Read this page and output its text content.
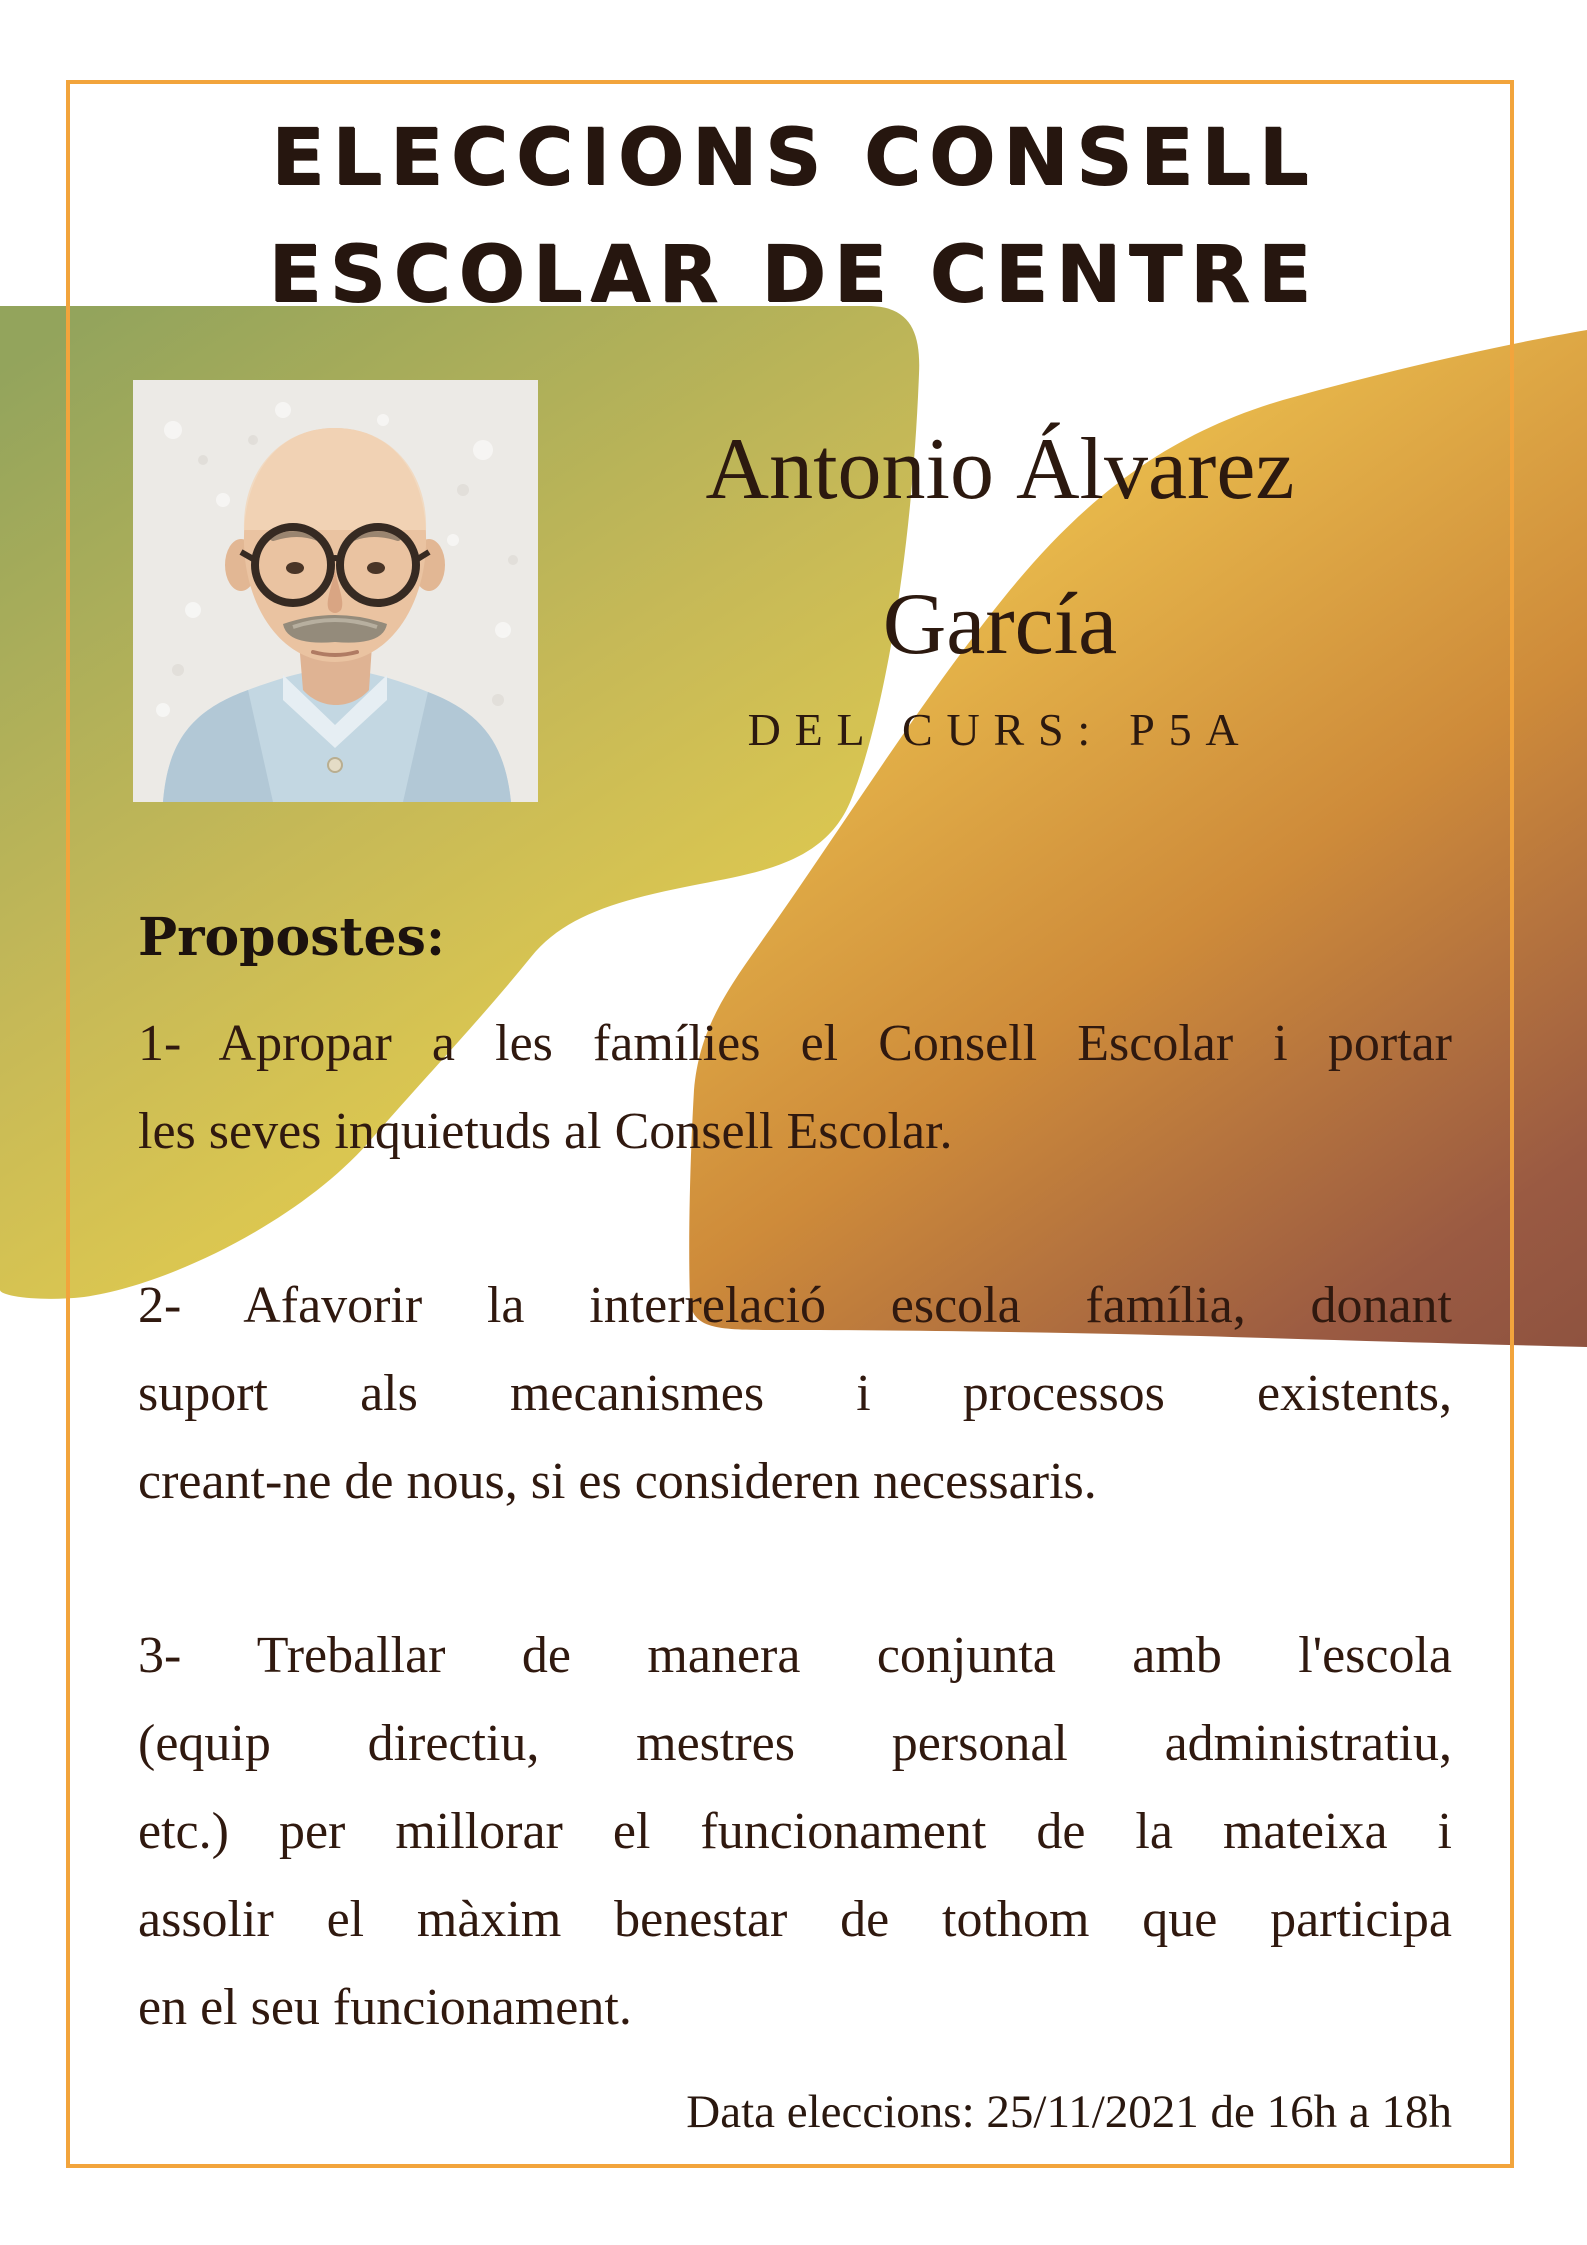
ELECCIONS CONSELL
ESCOLAR DE CENTRE
Antonio Álvarez
García
DEL CURS: P5A
Propostes:
1- Apropar a les famílies el Consell Escolar i portar
les seves inquietuds al Consell Escolar.
2- Afavorir la interrelació escola família, donant
suport als mecanismes i processos existents,
creant-ne de nous, si es consideren necessaris.
3- Treballar de manera conjunta amb l'escola
(equip directiu, mestres personal administratiu,
etc.) per millorar el funcionament de la mateixa i
assolir el màxim benestar de tothom que participa
en el seu funcionament.
Data eleccions: 25/11/2021 de 16h a 18h
